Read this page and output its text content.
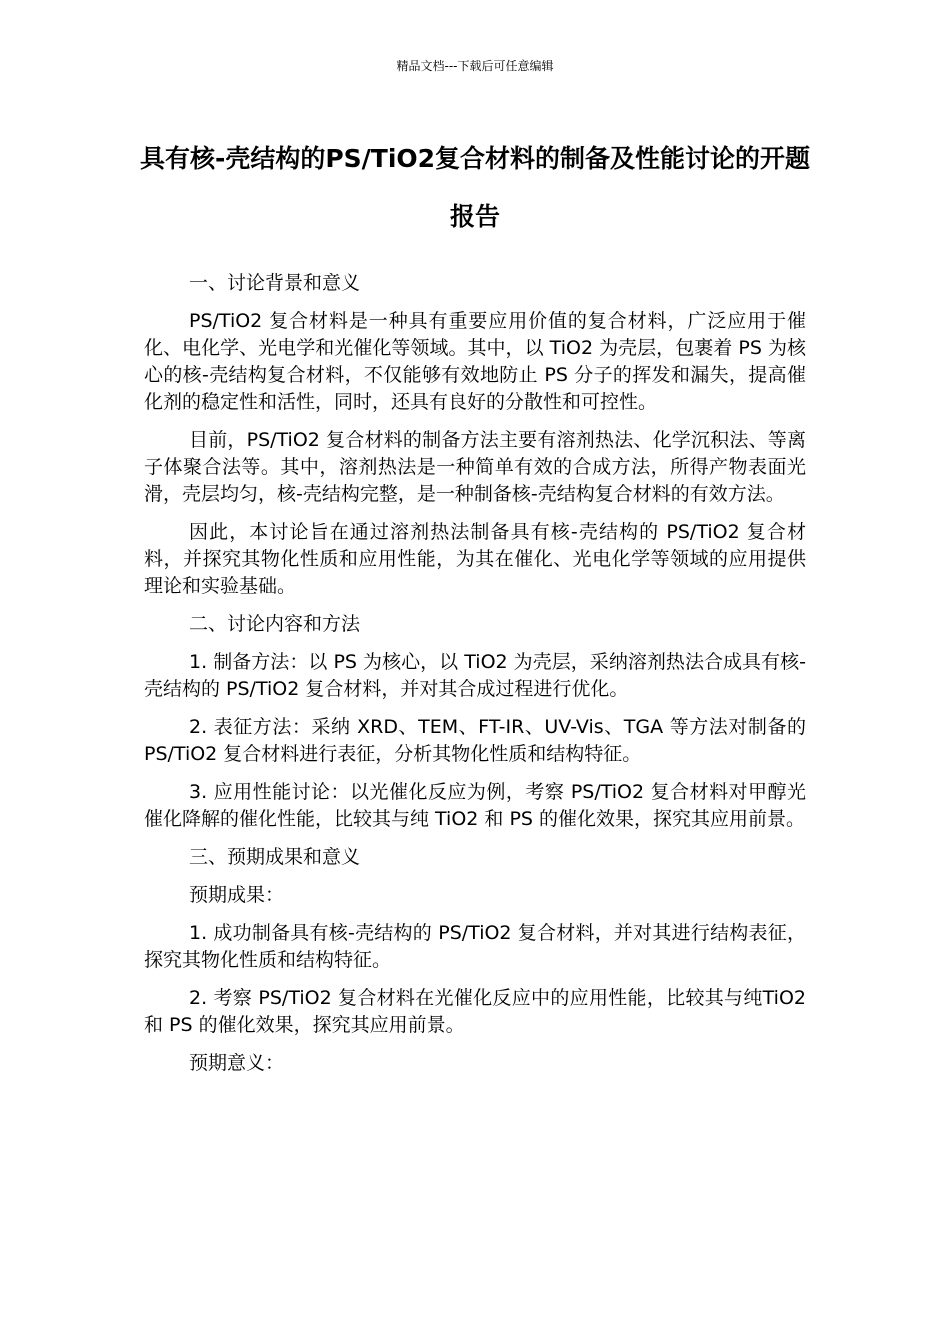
精品文档---下载后可任意编辑
具有核-壳结构的PS/TiO2复合材料的制备及性能讨论的开题报告
一、讨论背景和意义
PS/TiO2 复合材料是一种具有重要应用价值的复合材料，广泛应用于催化、电化学、光电学和光催化等领域。其中，以 TiO2 为壳层，包裹着 PS 为核心的核-壳结构复合材料，不仅能够有效地防止 PS 分子的挥发和漏失，提高催化剂的稳定性和活性，同时，还具有良好的分散性和可控性。
目前，PS/TiO2 复合材料的制备方法主要有溶剂热法、化学沉积法、等离子体聚合法等。其中，溶剂热法是一种简单有效的合成方法，所得产物表面光滑，壳层均匀，核-壳结构完整，是一种制备核-壳结构复合材料的有效方法。
因此，本讨论旨在通过溶剂热法制备具有核-壳结构的 PS/TiO2 复合材料，并探究其物化性质和应用性能，为其在催化、光电化学等领域的应用提供理论和实验基础。
二、讨论内容和方法
1. 制备方法：以 PS 为核心，以 TiO2 为壳层，采纳溶剂热法合成具有核-壳结构的 PS/TiO2 复合材料，并对其合成过程进行优化。
2. 表征方法：采纳 XRD、TEM、FT-IR、UV-Vis、TGA 等方法对制备的 PS/TiO2 复合材料进行表征，分析其物化性质和结构特征。
3. 应用性能讨论：以光催化反应为例，考察 PS/TiO2 复合材料对甲醇光催化降解的催化性能，比较其与纯 TiO2 和 PS 的催化效果，探究其应用前景。
三、预期成果和意义
预期成果：
1. 成功制备具有核-壳结构的 PS/TiO2 复合材料，并对其进行结构表征，探究其物化性质和结构特征。
2. 考察 PS/TiO2 复合材料在光催化反应中的应用性能，比较其与纯TiO2 和 PS 的催化效果，探究其应用前景。
预期意义：
